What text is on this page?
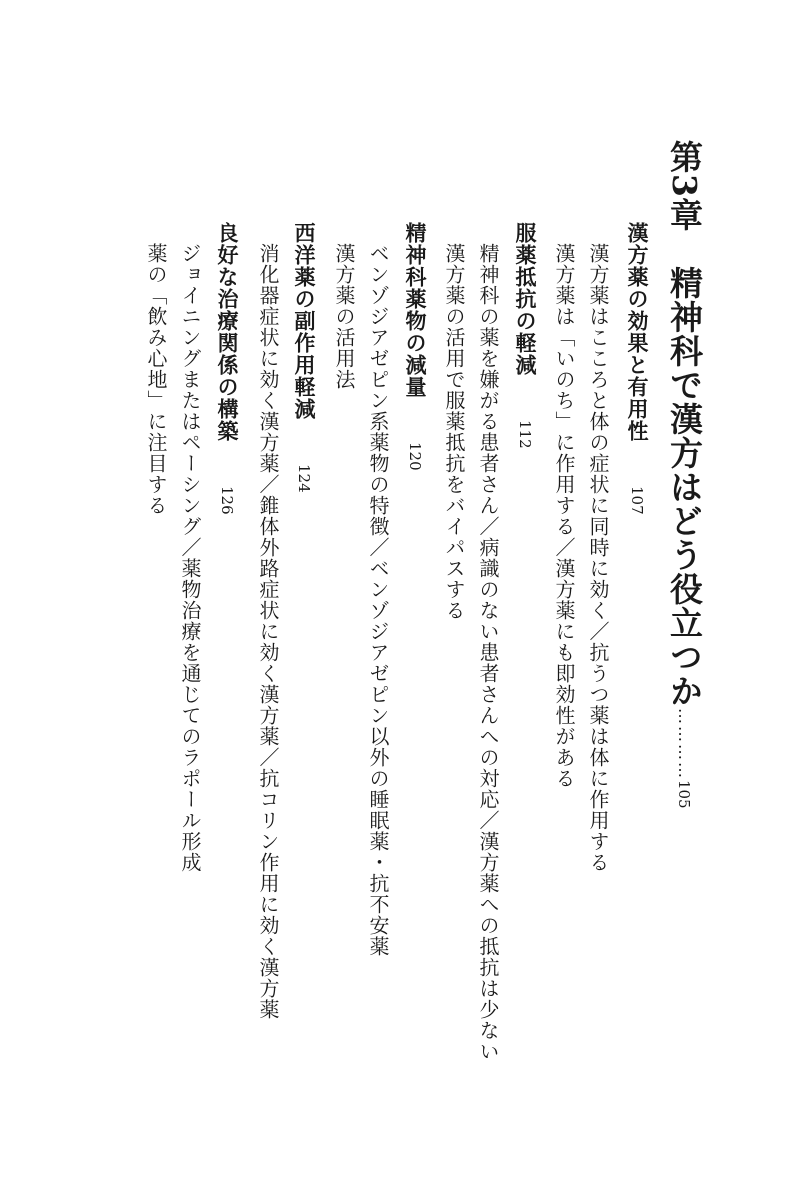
第3章　精神科で漢方はどう役立つか…………105
漢方薬の効果と有用性　　107
漢方薬はこころと体の症状に同時に効く／抗うつ薬は体に作用する
漢方薬は「いのち」に作用する／漢方薬にも即効性がある
服薬抵抗の軽減　　112
精神科の薬を嫌がる患者さん／病識のない患者さんへの対応／漢方薬への抵抗は少ない
漢方薬の活用で服薬抵抗をバイパスする
精神科薬物の減量　　120
ベンゾジアゼピン系薬物の特徴／ベンゾジアゼピン以外の睡眠薬・抗不安薬
漢方薬の活用法
西洋薬の副作用軽減　　124
消化器症状に効く漢方薬／錐体外路症状に効く漢方薬／抗コリン作用に効く漢方薬
良好な治療関係の構築　　126
ジョイニングまたはペーシング／薬物治療を通じてのラポール形成
薬の「飲み心地」に注目する
